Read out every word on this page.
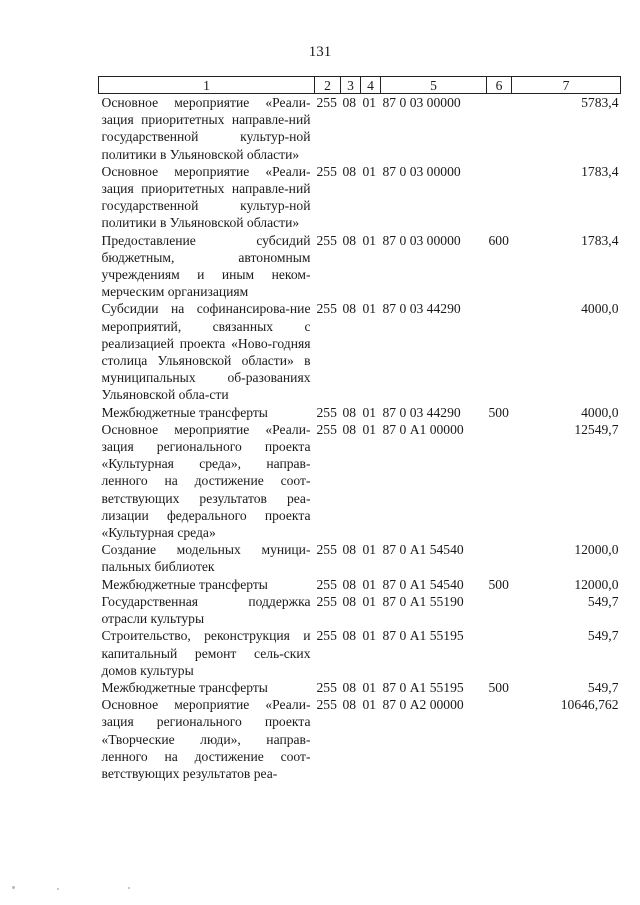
131
1	2	3	4	5	6	7
Основное мероприятие «Реали-зация приоритетных направле-ний государственной культур-ной политики в Ульяновской области»	255	08	01	87 0 03 00000		5783,4
Основное мероприятие «Реали-зация приоритетных направле-ний государственной культур-ной политики в Ульяновской области»	255	08	01	87 0 03 00000		1783,4
Предоставление субсидий бюджетным, автономным учреждениям и иным неком-мерческим организациям	255	08	01	87 0 03 00000	600	1783,4
Субсидии на софинансирова-ние мероприятий, связанных с реализацией проекта «Ново-годняя столица Ульяновской области» в муниципальных об-разованиях Ульяновской обла-сти	255	08	01	87 0 03 44290		4000,0
Межбюджетные трансферты	255	08	01	87 0 03 44290	500	4000,0
Основное мероприятие «Реали-зация регионального проекта «Культурная среда», направ-ленного на достижение соот-ветствующих результатов реа-лизации федерального проекта «Культурная среда»	255	08	01	87 0 А1 00000		12549,7
Создание модельных муници-пальных библиотек	255	08	01	87 0 А1 54540		12000,0
Межбюджетные трансферты	255	08	01	87 0 А1 54540	500	12000,0
Государственная поддержка отрасли культуры	255	08	01	87 0 А1 55190		549,7
Строительство, реконструкция и капитальный ремонт сель-ских домов культуры	255	08	01	87 0 А1 55195		549,7
Межбюджетные трансферты	255	08	01	87 0 А1 55195	500	549,7
Основное мероприятие «Реали-зация регионального проекта «Творческие люди», направ-ленного на достижение соот-ветствующих результатов реа-	255	08	01	87 0 А2 00000		10646,762
